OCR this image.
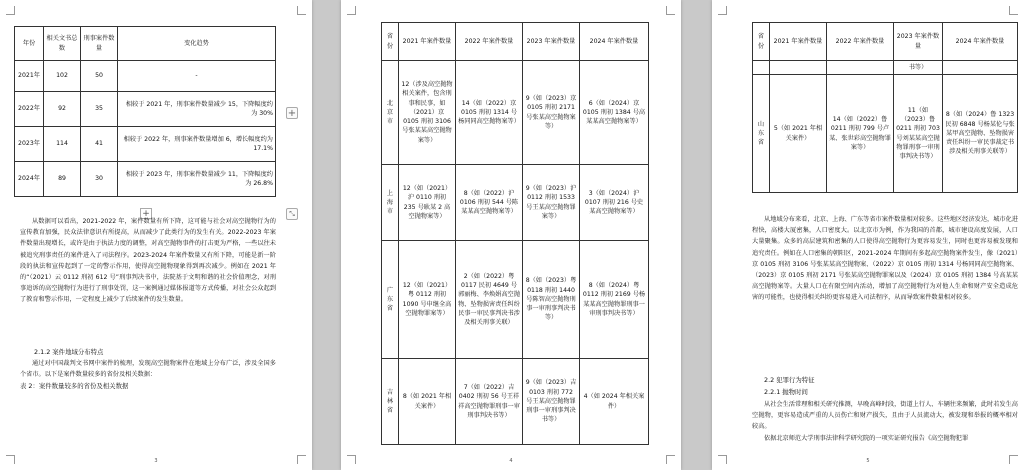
年份	相关文书总数	刑事案件数量	变化趋势
2021年	102	50	-
2022年	92	35	相较于 2021 年，刑事案件数量减少 15，下降幅度约为 30%
2023年	114	41	相较于 2022 年，刑事案件数量增加 6，增长幅度约为 17.1%
2024年	89	30	相较于 2023 年，刑事案件数量减少 11，下降幅度约为 26.8%
+

从数据可以看出，2021-2022 年，案件数量有所下降，这可能与社会对高空抛物行为的宣传教育加强，民众法律意识有所提高，从而减少了此类行为的发生有关。2022-2023 年案件数量出现增长，或许是由于执法力度的调整，对高空抛物事件的打击更为严格，一些以往未被追究刑事责任的案件进入了司法程序。2023-2024 年案件数量又有所下降，可能是新一阶段的执法和宣传起到了一定的警示作用，使得高空抛物现象得到再次减少。例如在 2021 年的“（2021）云 0112 刑初 612 号”刑事判决书中，法院基于文明和谐的社会价值理念，对刑事追诉的高空抛物行为进行了刑事处罚，这一案例通过媒体报道等方式传播，对社会公众起到了教育和警示作用，一定程度上减少了后续案件的发生数量。

2.1.2 案件地域分布特点

通过对中国裁判文书网中案件的梳理，发现高空抛物案件在地域上分布广泛，涉及全国多个省市。以下是案件数量较多的省份及相关数据：

表 2：案件数量较多的省份及相关数据
3
+
⤡
省份	2021 年案件数量	2022 年案件数量	2023 年案件数量	2024 年案件数量
北京市	12（涉及高空抛物相关案件，包含刑事和民事，如（2021）京 0105 刑初 3106 号张某某高空抛物案等）	14（如（2022）京 0105 刑初 1314 号杨同同高空抛物案等）	9（如（2023）京 0105 刑初 2171 号张某高空抛物案等）	6（如（2024）京 0105 刑初 1384 号高某某高空抛物案等）
上海市	12（如（2021）沪 0110 刑初 235 号耿某 2 高空抛物案等）	8（如（2022）沪 0106 刑初 544 号陈某某高空抛物案等）	9（如（2023）沪 0112 刑初 1533 号王某高空抛物罪案等）	3（如（2024）沪 0107 刑初 216 号史某高空抛物案等）
广东省	12（如（2021）粤 0112 刑初 1090 号申继全高空抛物罪案等）	2（如（2022）粤 0117 民初 4649 号郭丽梅、李焕娟高空抛物、坠物损害责任纠纷民事一审民事判决书涉及相关刑事关联）	8（如（2023）粤 0118 刑初 1440 号陈智高空抛物刑事一审刑事判决书等）	8（如（2024）粤 0112 刑初 2169 号杨某某高空抛物罪刑事一审刑事判决书等）
吉林省	8（如 2021 年相关案件）	7（如（2022）吉 0402 刑初 56 号王祥祥高空抛物罪刑事一审刑事判决书等）	9（如（2023）吉 0103 刑初 772 号王某高空抛物罪刑事一审刑事判决书等）	4（如 2024 年相关案件）
4
省份	2021 年案件数量	2022 年案件数量	2023 年案件数量	2024 年案件数量
			书等）	
山东省	5（如 2021 年相关案件）	14（如（2022）鲁 0211 刑初 799 号卢某、张世彩高空抛物罪案等）	11（如（2023）鲁 0211 刑初 703 号刘某某高空抛物罪刑事一审刑事判决书等）	8（如（2024）鲁 1323 民初 6848 号杨某伦与张某甲高空抛物、坠物损害责任纠纷一审民事裁定书涉及相关刑事关联等）

从地域分布来看，北京、上海、广东等省市案件数量相对较多。这些地区经济发达，城市化进程快，高楼大厦密集，人口密度大。以北京市为例，作为我国的首都，城市建设高度发展，人口大量聚集。众多的高层建筑和密集的人口使得高空抛物行为更容易发生，同时也更容易被发现和追究责任。例如在人口密集的朝阳区，2021-2024 年期间有多起高空抛物案件发生，像（2021）京 0105 刑初 3106 号张某某高空抛物案、（2022）京 0105 刑初 1314 号杨同同高空抛物案、（2023）京 0105 刑初 2171 号张某高空抛物罪案以及（2024）京 0105 刑初 1384 号高某某高空抛物案等。大量人口在有限空间内活动，增加了高空抛物行为对他人生命和财产安全造成危害的可能性，也使得相关纠纷更容易进入司法程序，从而导致案件数量相对较多。

2.2 犯罪行为特征
2.2.1 抛物时间

从社会生活常理和相关研究推测，早晚高峰时段，街道上行人、车辆往来频繁，此时若发生高空抛物，更容易造成严重的人员伤亡和财产损失，且由于人员流动大，被发现和举报的概率相对较高。

依据北京师范大学刑事法律科学研究院的一项实证研究报告《高空抛物犯罪

5
